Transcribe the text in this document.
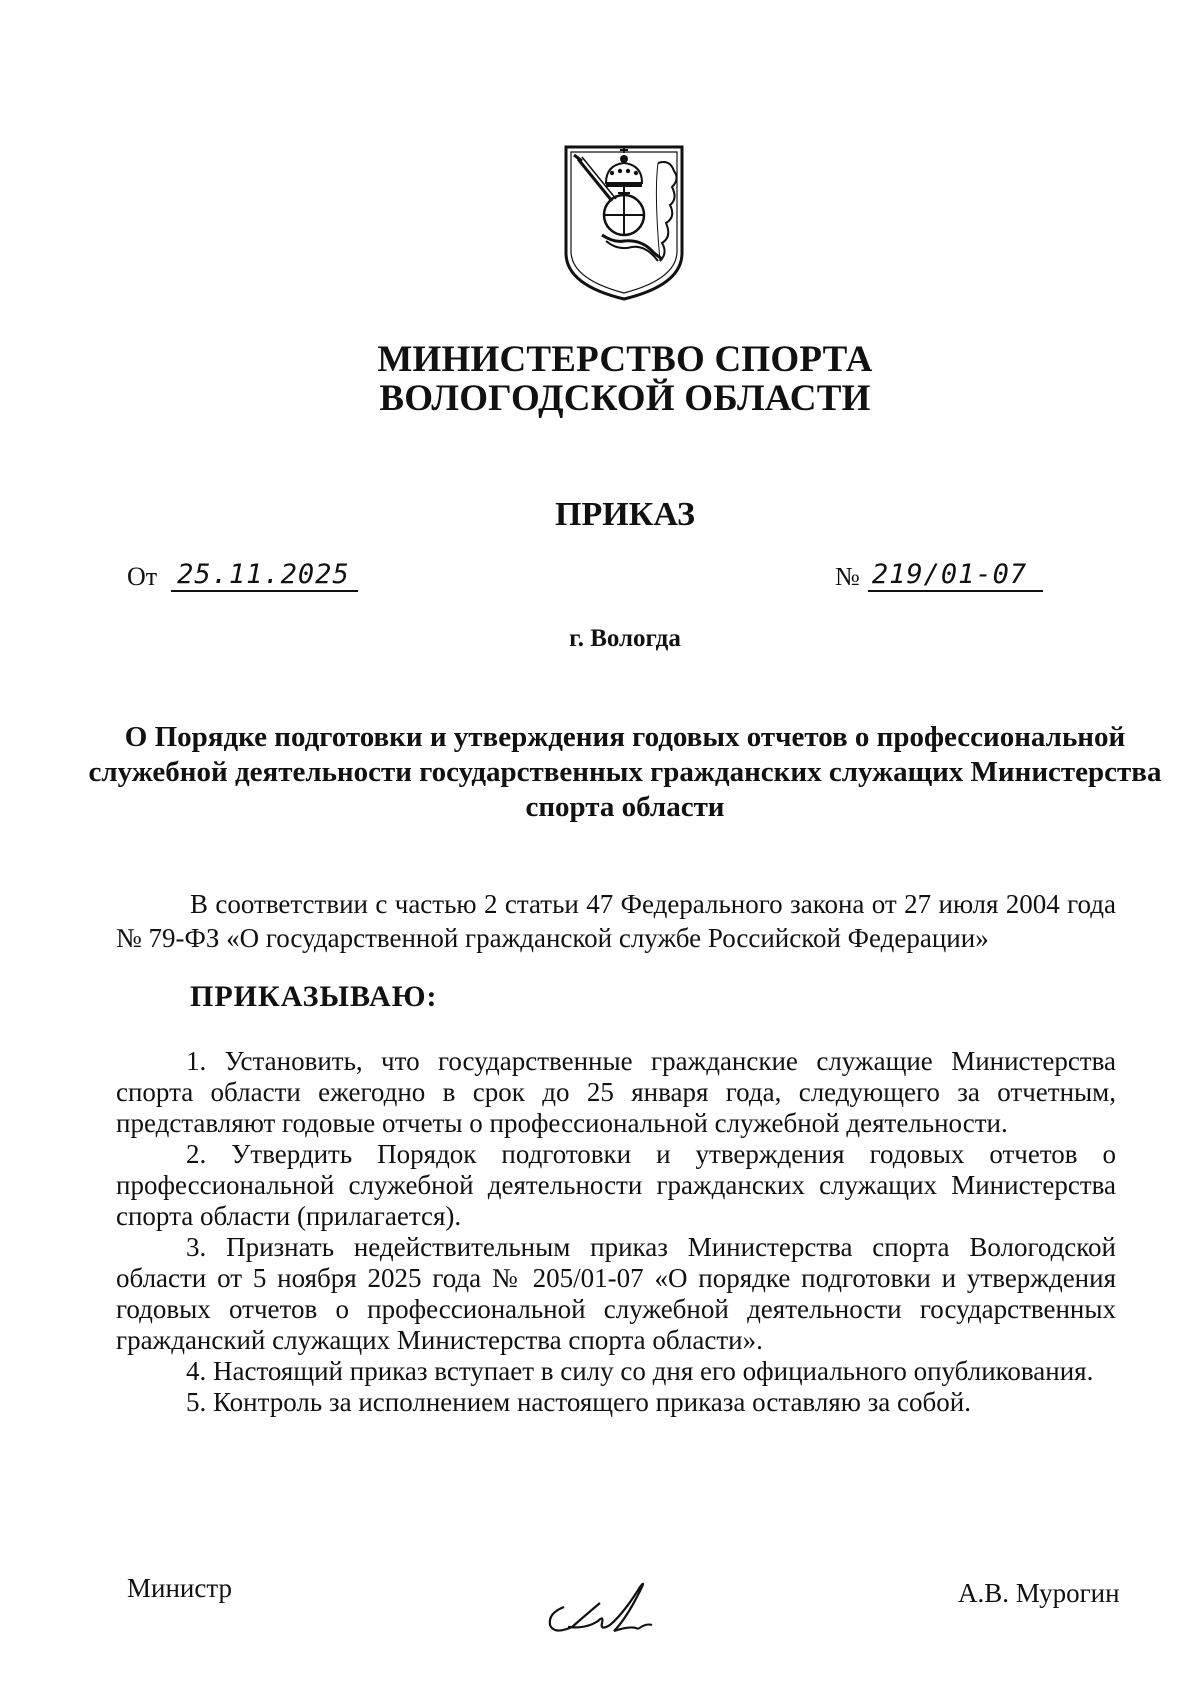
МИНИСТЕРСТВО СПОРТА
ВОЛОГОДСКОЙ ОБЛАСТИ
ПРИКАЗ
От 25.11.2025	№ 219/01-07
г. Вологда
О Порядке подготовки и утверждения годовых отчетов о профессиональной служебной деятельности государственных гражданских служащих Министерства спорта области
В соответствии с частью 2 статьи 47 Федерального закона от 27 июля 2004 года № 79-ФЗ «О государственной гражданской службе Российской Федерации»
ПРИКАЗЫВАЮ:

1. Установить, что государственные гражданские служащие Министерства спорта области ежегодно в срок до 25 января года, следующего за отчетным, представляют годовые отчеты о профессиональной служебной деятельности.

2. Утвердить Порядок подготовки и утверждения годовых отчетов о профессиональной служебной деятельности гражданских служащих Министерства спорта области (прилагается).

3. Признать недействительным приказ Министерства спорта Вологодской области от 5 ноября 2025 года № 205/01-07 «О порядке подготовки и утверждения годовых отчетов о профессиональной служебной деятельности государственных гражданский служащих Министерства спорта области».

4. Настоящий приказ вступает в силу со дня его официального опубликования.

5. Контроль за исполнением настоящего приказа оставляю за собой.

Министр	А.В. Мурогин
